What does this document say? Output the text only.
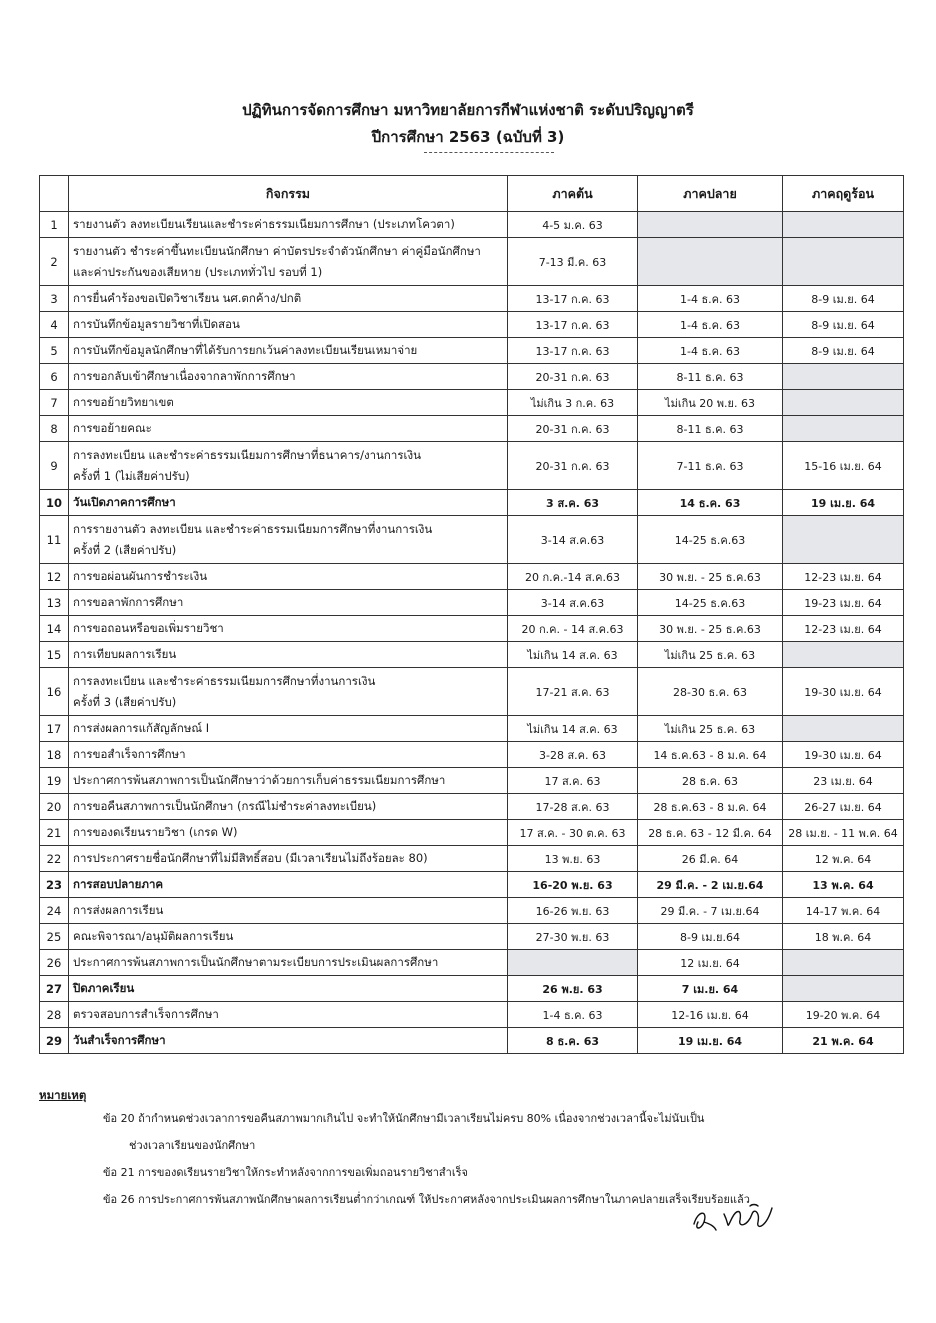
ปฏิทินการจัดการศึกษา มหาวิทยาลัยการกีฬาแห่งชาติ ระดับปริญญาตรี
ปีการศึกษา 2563 (ฉบับที่ 3)
	กิจกรรม	ภาคต้น	ภาคปลาย	ภาคฤดูร้อน
1	รายงานตัว ลงทะเบียนเรียนและชำระค่าธรรมเนียมการศึกษา (ประเภทโควตา)	4-5 ม.ค. 63		
2	รายงานตัว ชำระค่าขึ้นทะเบียนนักศึกษา ค่าบัตรประจำตัวนักศึกษา ค่าคู่มือนักศึกษา
และค่าประกันของเสียหาย (ประเภททั่วไป รอบที่ 1)	7-13 มี.ค. 63		
3	การยื่นคำร้องขอเปิดวิชาเรียน นศ.ตกค้าง/ปกติ	13-17 ก.ค. 63	1-4 ธ.ค. 63	8-9 เม.ย. 64
4	การบันทึกข้อมูลรายวิชาที่เปิดสอน	13-17 ก.ค. 63	1-4 ธ.ค. 63	8-9 เม.ย. 64
5	การบันทึกข้อมูลนักศึกษาที่ได้รับการยกเว้นค่าลงทะเบียนเรียนเหมาจ่าย	13-17 ก.ค. 63	1-4 ธ.ค. 63	8-9 เม.ย. 64
6	การขอกลับเข้าศึกษาเนื่องจากลาพักการศึกษา	20-31 ก.ค. 63	8-11 ธ.ค. 63	
7	การขอย้ายวิทยาเขต	ไม่เกิน 3 ก.ค. 63	ไม่เกิน 20 พ.ย. 63	
8	การขอย้ายคณะ	20-31 ก.ค. 63	8-11 ธ.ค. 63	
9	การลงทะเบียน และชำระค่าธรรมเนียมการศึกษาที่ธนาคาร/งานการเงิน
ครั้งที่ 1 (ไม่เสียค่าปรับ)	20-31 ก.ค. 63	7-11 ธ.ค. 63	15-16 เม.ย. 64
10	วันเปิดภาคการศึกษา	3 ส.ค. 63	14 ธ.ค. 63	19 เม.ย. 64
11	การรายงานตัว ลงทะเบียน และชำระค่าธรรมเนียมการศึกษาที่งานการเงิน
ครั้งที่ 2 (เสียค่าปรับ)	3-14 ส.ค.63	14-25 ธ.ค.63	
12	การขอผ่อนผันการชำระเงิน	20 ก.ค.-14 ส.ค.63	30 พ.ย. - 25 ธ.ค.63	12-23 เม.ย. 64
13	การขอลาพักการศึกษา	3-14 ส.ค.63	14-25 ธ.ค.63	19-23 เม.ย. 64
14	การขอถอนหรือขอเพิ่มรายวิชา	20 ก.ค. - 14 ส.ค.63	30 พ.ย. - 25 ธ.ค.63	12-23 เม.ย. 64
15	การเทียบผลการเรียน	ไม่เกิน 14 ส.ค. 63	ไม่เกิน 25 ธ.ค. 63	
16	การลงทะเบียน และชำระค่าธรรมเนียมการศึกษาที่งานการเงิน
ครั้งที่ 3 (เสียค่าปรับ)	17-21 ส.ค. 63	28-30 ธ.ค. 63	19-30 เม.ย. 64
17	การส่งผลการแก้สัญลักษณ์ I	ไม่เกิน 14 ส.ค. 63	ไม่เกิน 25 ธ.ค. 63	
18	การขอสำเร็จการศึกษา	3-28 ส.ค. 63	14 ธ.ค.63 - 8 ม.ค. 64	19-30 เม.ย. 64
19	ประกาศการพ้นสภาพการเป็นนักศึกษาว่าด้วยการเก็บค่าธรรมเนียมการศึกษา	17 ส.ค. 63	28 ธ.ค. 63	23 เม.ย. 64
20	การขอคืนสภาพการเป็นนักศึกษา (กรณีไม่ชำระค่าลงทะเบียน)	17-28 ส.ค. 63	28 ธ.ค.63 - 8 ม.ค. 64	26-27 เม.ย. 64
21	การของดเรียนรายวิชา (เกรด W)	17 ส.ค. - 30 ต.ค. 63	28 ธ.ค. 63 - 12 มี.ค. 64	28 เม.ย. - 11 พ.ค. 64
22	การประกาศรายชื่อนักศึกษาที่ไม่มีสิทธิ์สอบ (มีเวลาเรียนไม่ถึงร้อยละ 80)	13 พ.ย. 63	26 มี.ค. 64	12 พ.ค. 64
23	การสอบปลายภาค	16-20 พ.ย. 63	29 มี.ค. - 2 เม.ย.64	13 พ.ค. 64
24	การส่งผลการเรียน	16-26 พ.ย. 63	29 มี.ค. - 7 เม.ย.64	14-17 พ.ค. 64
25	คณะพิจารณา/อนุมัติผลการเรียน	27-30 พ.ย. 63	8-9 เม.ย.64	18 พ.ค. 64
26	ประกาศการพ้นสภาพการเป็นนักศึกษาตามระเบียบการประเมินผลการศึกษา		12 เม.ย. 64	
27	ปิดภาคเรียน	26 พ.ย. 63	7 เม.ย. 64	
28	ตรวจสอบการสำเร็จการศึกษา	1-4 ธ.ค. 63	12-16 เม.ย. 64	19-20 พ.ค. 64
29	วันสำเร็จการศึกษา	8 ธ.ค. 63	19 เม.ย. 64	21 พ.ค. 64
หมายเหตุ
ข้อ 20 ถ้ากำหนดช่วงเวลาการขอคืนสภาพมากเกินไป จะทำให้นักศึกษามีเวลาเรียนไม่ครบ 80% เนื่องจากช่วงเวลานี้จะไม่นับเป็น
ช่วงเวลาเรียนของนักศึกษา
ข้อ 21 การของดเรียนรายวิชาให้กระทำหลังจากการขอเพิ่มถอนรายวิชาสำเร็จ
ข้อ 26 การประกาศการพ้นสภาพนักศึกษาผลการเรียนต่ำกว่าเกณฑ์ ให้ประกาศหลังจากประเมินผลการศึกษาในภาคปลายเสร็จเรียบร้อยแล้ว
